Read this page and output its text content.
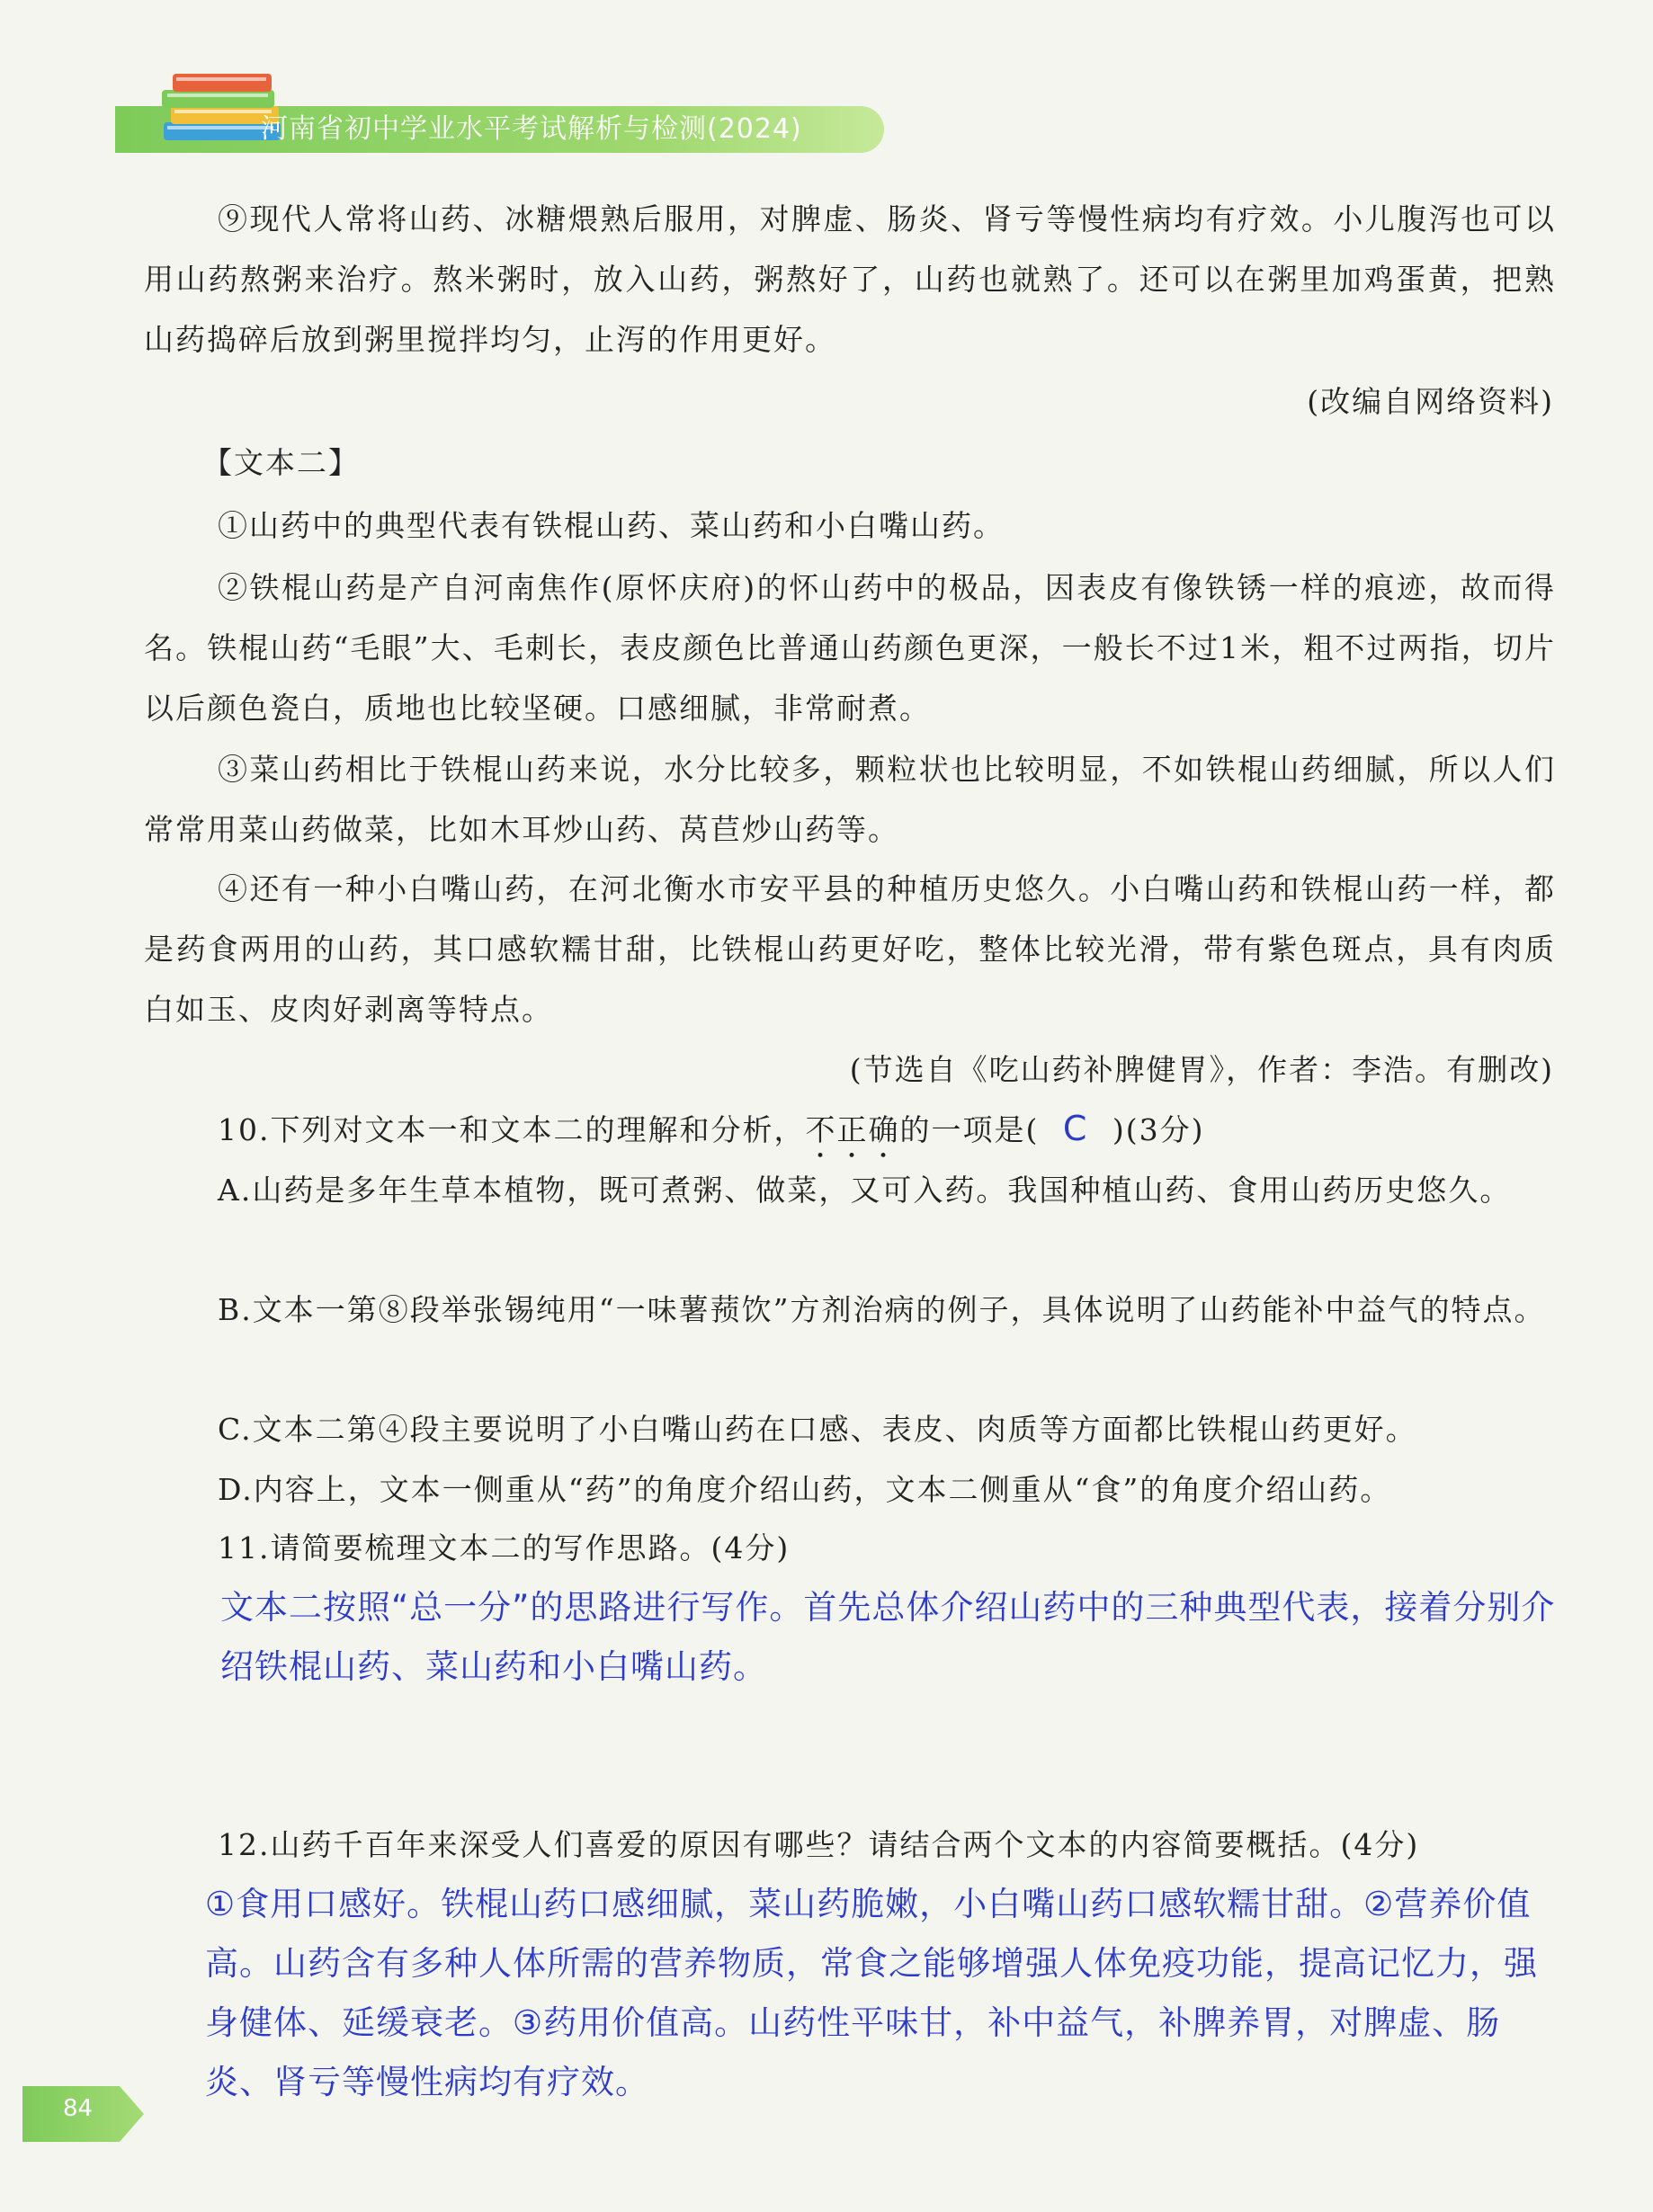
河南省初中学业水平考试解析与检测(2024)

⑨现代人常将山药、冰糖煨熟后服用，对脾虚、肠炎、肾亏等慢性病均有疗效。小儿腹泻也可以用山药熬粥来治疗。熬米粥时，放入山药，粥熬好了，山药也就熟了。还可以在粥里加鸡蛋黄，把熟山药捣碎后放到粥里搅拌均匀，止泻的作用更好。

(改编自网络资料)
【文本二】
①山药中的典型代表有铁棍山药、菜山药和小白嘴山药。

②铁棍山药是产自河南焦作(原怀庆府)的怀山药中的极品，因表皮有像铁锈一样的痕迹，故而得名。铁棍山药“毛眼”大、毛刺长，表皮颜色比普通山药颜色更深，一般长不过1米，粗不过两指，切片以后颜色瓷白，质地也比较坚硬。口感细腻，非常耐煮。

③菜山药相比于铁棍山药来说，水分比较多，颗粒状也比较明显，不如铁棍山药细腻，所以人们常常用菜山药做菜，比如木耳炒山药、莴苣炒山药等。

④还有一种小白嘴山药，在河北衡水市安平县的种植历史悠久。小白嘴山药和铁棍山药一样，都是药食两用的山药，其口感软糯甘甜，比铁棍山药更好吃，整体比较光滑，带有紫色斑点，具有肉质白如玉、皮肉好剥离等特点。

(节选自《吃山药补脾健胃》，作者：李浩。有删改)
10.下列对文本一和文本二的理解和分析，不正确的一项是( C )(3分)

A.山药是多年生草本植物，既可煮粥、做菜，又可入药。我国种植山药、食用山药历史悠久。

B.文本一第⑧段举张锡纯用“一味薯蓣饮”方剂治病的例子，具体说明了山药能补中益气的特点。

C.文本二第④段主要说明了小白嘴山药在口感、表皮、肉质等方面都比铁棍山药更好。
D.内容上，文本一侧重从“药”的角度介绍山药，文本二侧重从“食”的角度介绍山药。
11.请简要梳理文本二的写作思路。(4分)

文本二按照“总一分”的思路进行写作。首先总体介绍山药中的三种典型代表，接着分别介绍铁棍山药、菜山药和小白嘴山药。

12.山药千百年来深受人们喜爱的原因有哪些？请结合两个文本的内容简要概括。(4分)

①食用口感好。铁棍山药口感细腻，菜山药脆嫩，小白嘴山药口感软糯甘甜。②营养价值高。山药含有多种人体所需的营养物质，常食之能够增强人体免疫功能，提高记忆力，强身健体、延缓衰老。③药用价值高。山药性平味甘，补中益气，补脾养胃，对脾虚、肠炎、肾亏等慢性病均有疗效。

84
